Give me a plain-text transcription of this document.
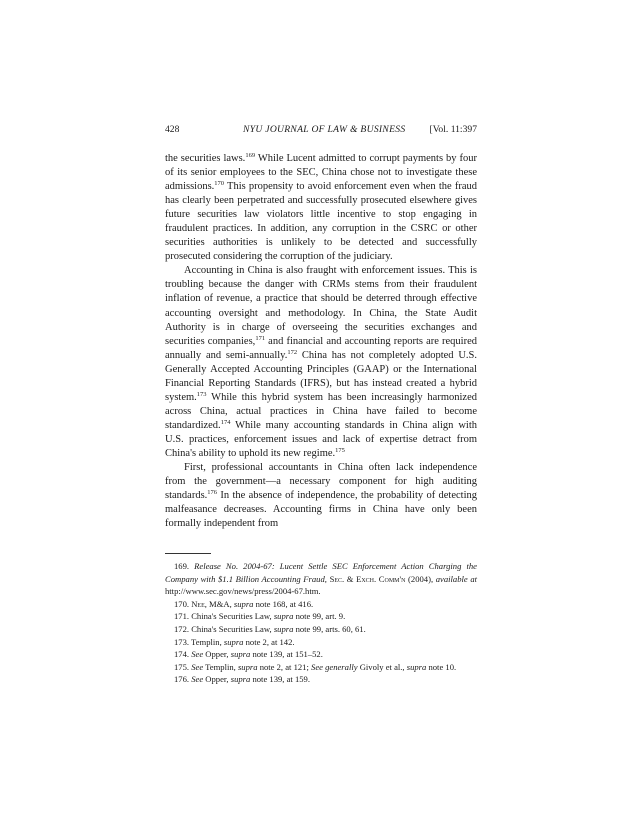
428	NYU JOURNAL OF LAW & BUSINESS	[Vol. 11:397

the securities laws.$^{169}$ While Lucent admitted to corrupt payments by four of its senior employees to the SEC, China chose not to investigate these admissions.$^{170}$ This propensity to avoid enforcement even when the fraud has clearly been perpetrated and successfully prosecuted elsewhere gives future securities law violators little incentive to stop engaging in fraudulent practices. In addition, any corruption in the CSRC or other securities authorities is unlikely to be detected and successfully prosecuted considering the corruption of the judiciary.

Accounting in China is also fraught with enforcement issues. This is troubling because the danger with CRMs stems from their fraudulent inflation of revenue, a practice that should be deterred through effective accounting oversight and methodology. In China, the State Audit Authority is in charge of overseeing the securities exchanges and securities companies,$^{171}$ and financial and accounting reports are required annually and semi-annually.$^{172}$ China has not completely adopted U.S. Generally Accepted Accounting Principles (GAAP) or the International Financial Reporting Standards (IFRS), but has instead created a hybrid system.$^{173}$ While this hybrid system has been increasingly harmonized across China, actual practices in China have failed to become standardized.$^{174}$ While many accounting standards in China align with U.S. practices, enforcement issues and lack of expertise detract from China's ability to uphold its new regime.$^{175}$

First, professional accountants in China often lack independence from the government—a necessary component for high auditing standards.$^{176}$ In the absence of independence, the probability of detecting malfeasance decreases. Accounting firms in China have only been formally independent from

169. Release No. 2004-67: Lucent Settle SEC Enforcement Action Charging the Company with $1.1 Billion Accounting Fraud, Sec. & Exch. Comm'n (2004), available at http://www.sec.gov/news/press/2004-67.htm.

170. Nee, M&A, supra note 168, at 416.

171. China's Securities Law, supra note 99, art. 9.

172. China's Securities Law, supra note 99, arts. 60, 61.

173. Templin, supra note 2, at 142.

174. See Opper, supra note 139, at 151–52.

175. See Templin, supra note 2, at 121; See generally Givoly et al., supra note 10.

176. See Opper, supra note 139, at 159.
